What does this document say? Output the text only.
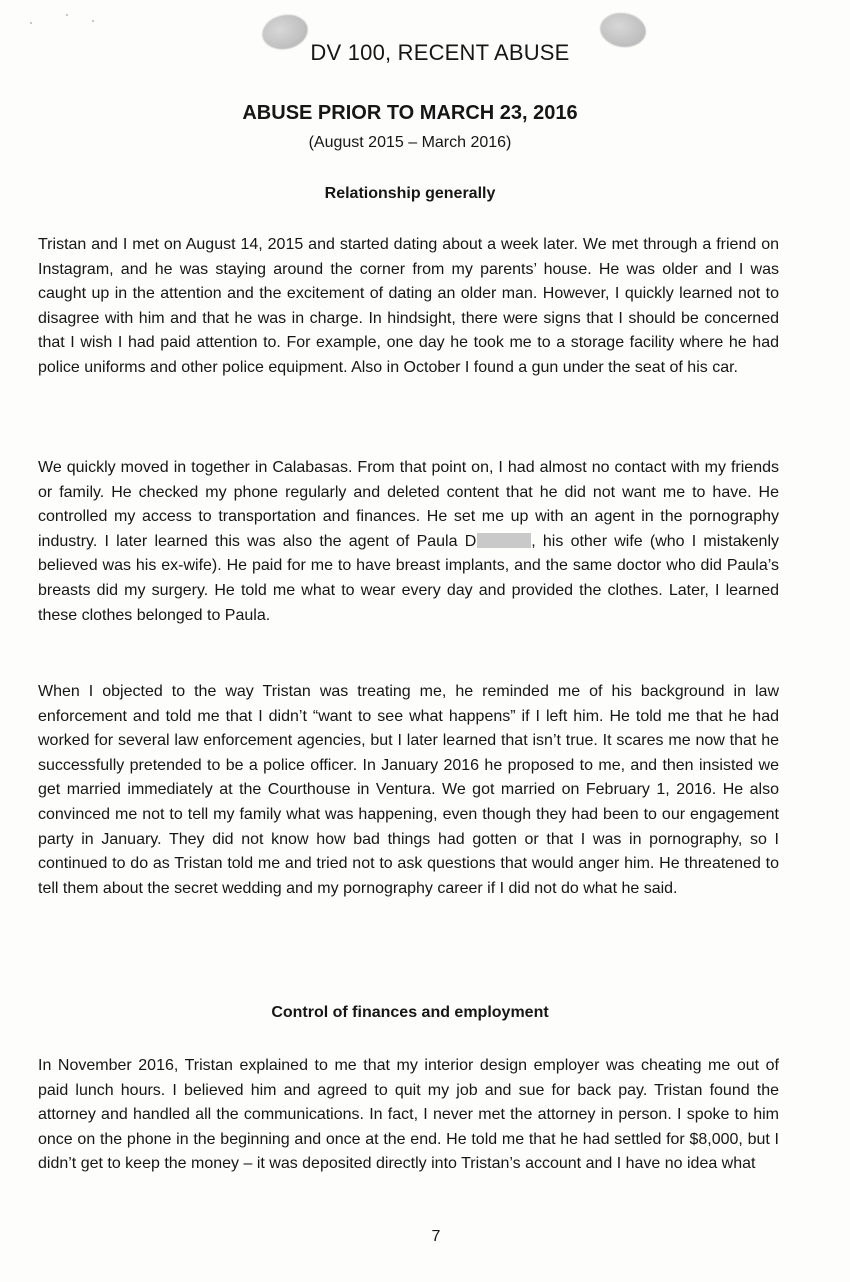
DV 100, RECENT ABUSE
ABUSE PRIOR TO MARCH 23, 2016
(August 2015 – March 2016)
Relationship generally

Tristan and I met on August 14, 2015 and started dating about a week later. We met through a friend on Instagram, and he was staying around the corner from my parents’ house. He was older and I was caught up in the attention and the excitement of dating an older man. However, I quickly learned not to disagree with him and that he was in charge. In hindsight, there were signs that I should be concerned that I wish I had paid attention to. For example, one day he took me to a storage facility where he had police uniforms and other police equipment. Also in October I found a gun under the seat of his car.

We quickly moved in together in Calabasas. From that point on, I had almost no contact with my friends or family. He checked my phone regularly and deleted content that he did not want me to have. He controlled my access to transportation and finances. He set me up with an agent in the pornography industry. I later learned this was also the agent of Paula D	, his other wife (who I mistakenly believed was his ex-wife). He paid for me to have breast implants, and the same doctor who did Paula’s breasts did my surgery. He told me what to wear every day and provided the clothes. Later, I learned these clothes belonged to Paula.

When I objected to the way Tristan was treating me, he reminded me of his background in law enforcement and told me that I didn’t “want to see what happens” if I left him. He told me that he had worked for several law enforcement agencies, but I later learned that isn’t true. It scares me now that he successfully pretended to be a police officer. In January 2016 he proposed to me, and then insisted we get married immediately at the Courthouse in Ventura. We got married on February 1, 2016. He also convinced me not to tell my family what was happening, even though they had been to our engagement party in January. They did not know how bad things had gotten or that I was in pornography, so I continued to do as Tristan told me and tried not to ask questions that would anger him. He threatened to tell them about the secret wedding and my pornography career if I did not do what he said.

Control of finances and employment

In November 2016, Tristan explained to me that my interior design employer was cheating me out of paid lunch hours. I believed him and agreed to quit my job and sue for back pay. Tristan found the attorney and handled all the communications. In fact, I never met the attorney in person. I spoke to him once on the phone in the beginning and once at the end. He told me that he had settled for $8,000, but I didn’t get to keep the money – it was deposited directly into Tristan’s account and I have no idea what

7
